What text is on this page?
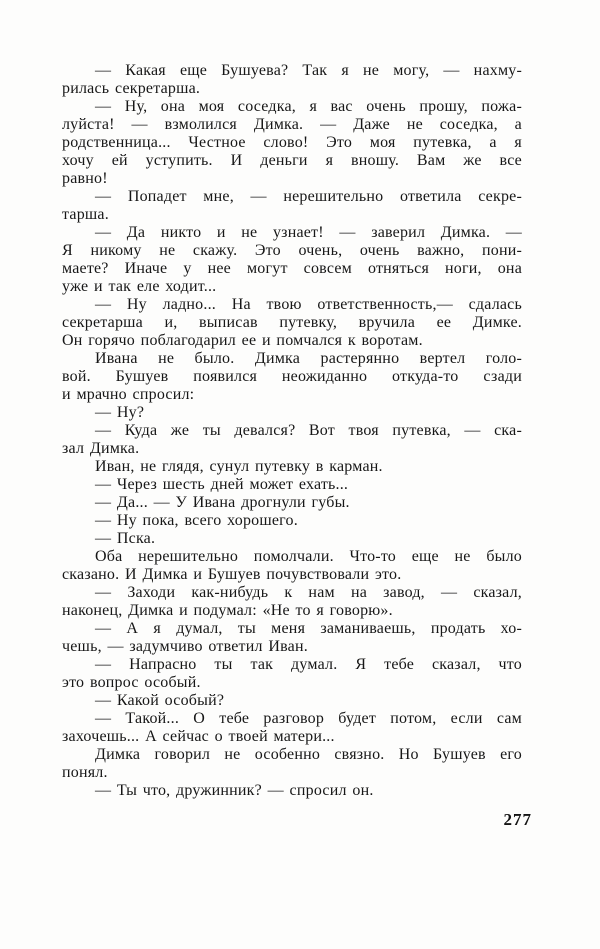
— Какая еще Бушуева? Так я не могу, — нахму-
рилась секретарша.
— Ну, она моя соседка, я вас очень прошу, пожа-
луйста! — взмолился Димка. — Даже не соседка, а
родственница... Честное слово! Это моя путевка, а я
хочу ей уступить. И деньги я вношу. Вам же все
равно!
— Попадет мне, — нерешительно ответила секре-
тарша.
— Да никто и не узнает! — заверил Димка. —
Я никому не скажу. Это очень, очень важно, пони-
маете? Иначе у нее могут совсем отняться ноги, она
уже и так еле ходит...
— Ну ладно... На твою ответственность,— сдалась
секретарша и, выписав путевку, вручила ее Димке.
Он горячо поблагодарил ее и помчался к воротам.
Ивана не было. Димка растерянно вертел голо-
вой. Бушуев появился неожиданно откуда-то сзади
и мрачно спросил:
— Ну?
— Куда же ты девался? Вот твоя путевка, — ска-
зал Димка.
Иван, не глядя, сунул путевку в карман.
— Через шесть дней может ехать...
— Да... — У Ивана дрогнули губы.
— Ну пока, всего хорошего.
— Пска.
Оба нерешительно помолчали. Что-то еще не было
сказано. И Димка и Бушуев почувствовали это.
— Заходи как-нибудь к нам на завод, — сказал,
наконец, Димка и подумал: «Не то я говорю».
— А я думал, ты меня заманиваешь, продать хо-
чешь, — задумчиво ответил Иван.
— Напрасно ты так думал. Я тебе сказал, что
это вопрос особый.
— Какой особый?
— Такой... О тебе разговор будет потом, если сам
захочешь... А сейчас о твоей матери...
Димка говорил не особенно связно. Но Бушуев его
понял.
— Ты что, дружинник? — спросил он.
277
